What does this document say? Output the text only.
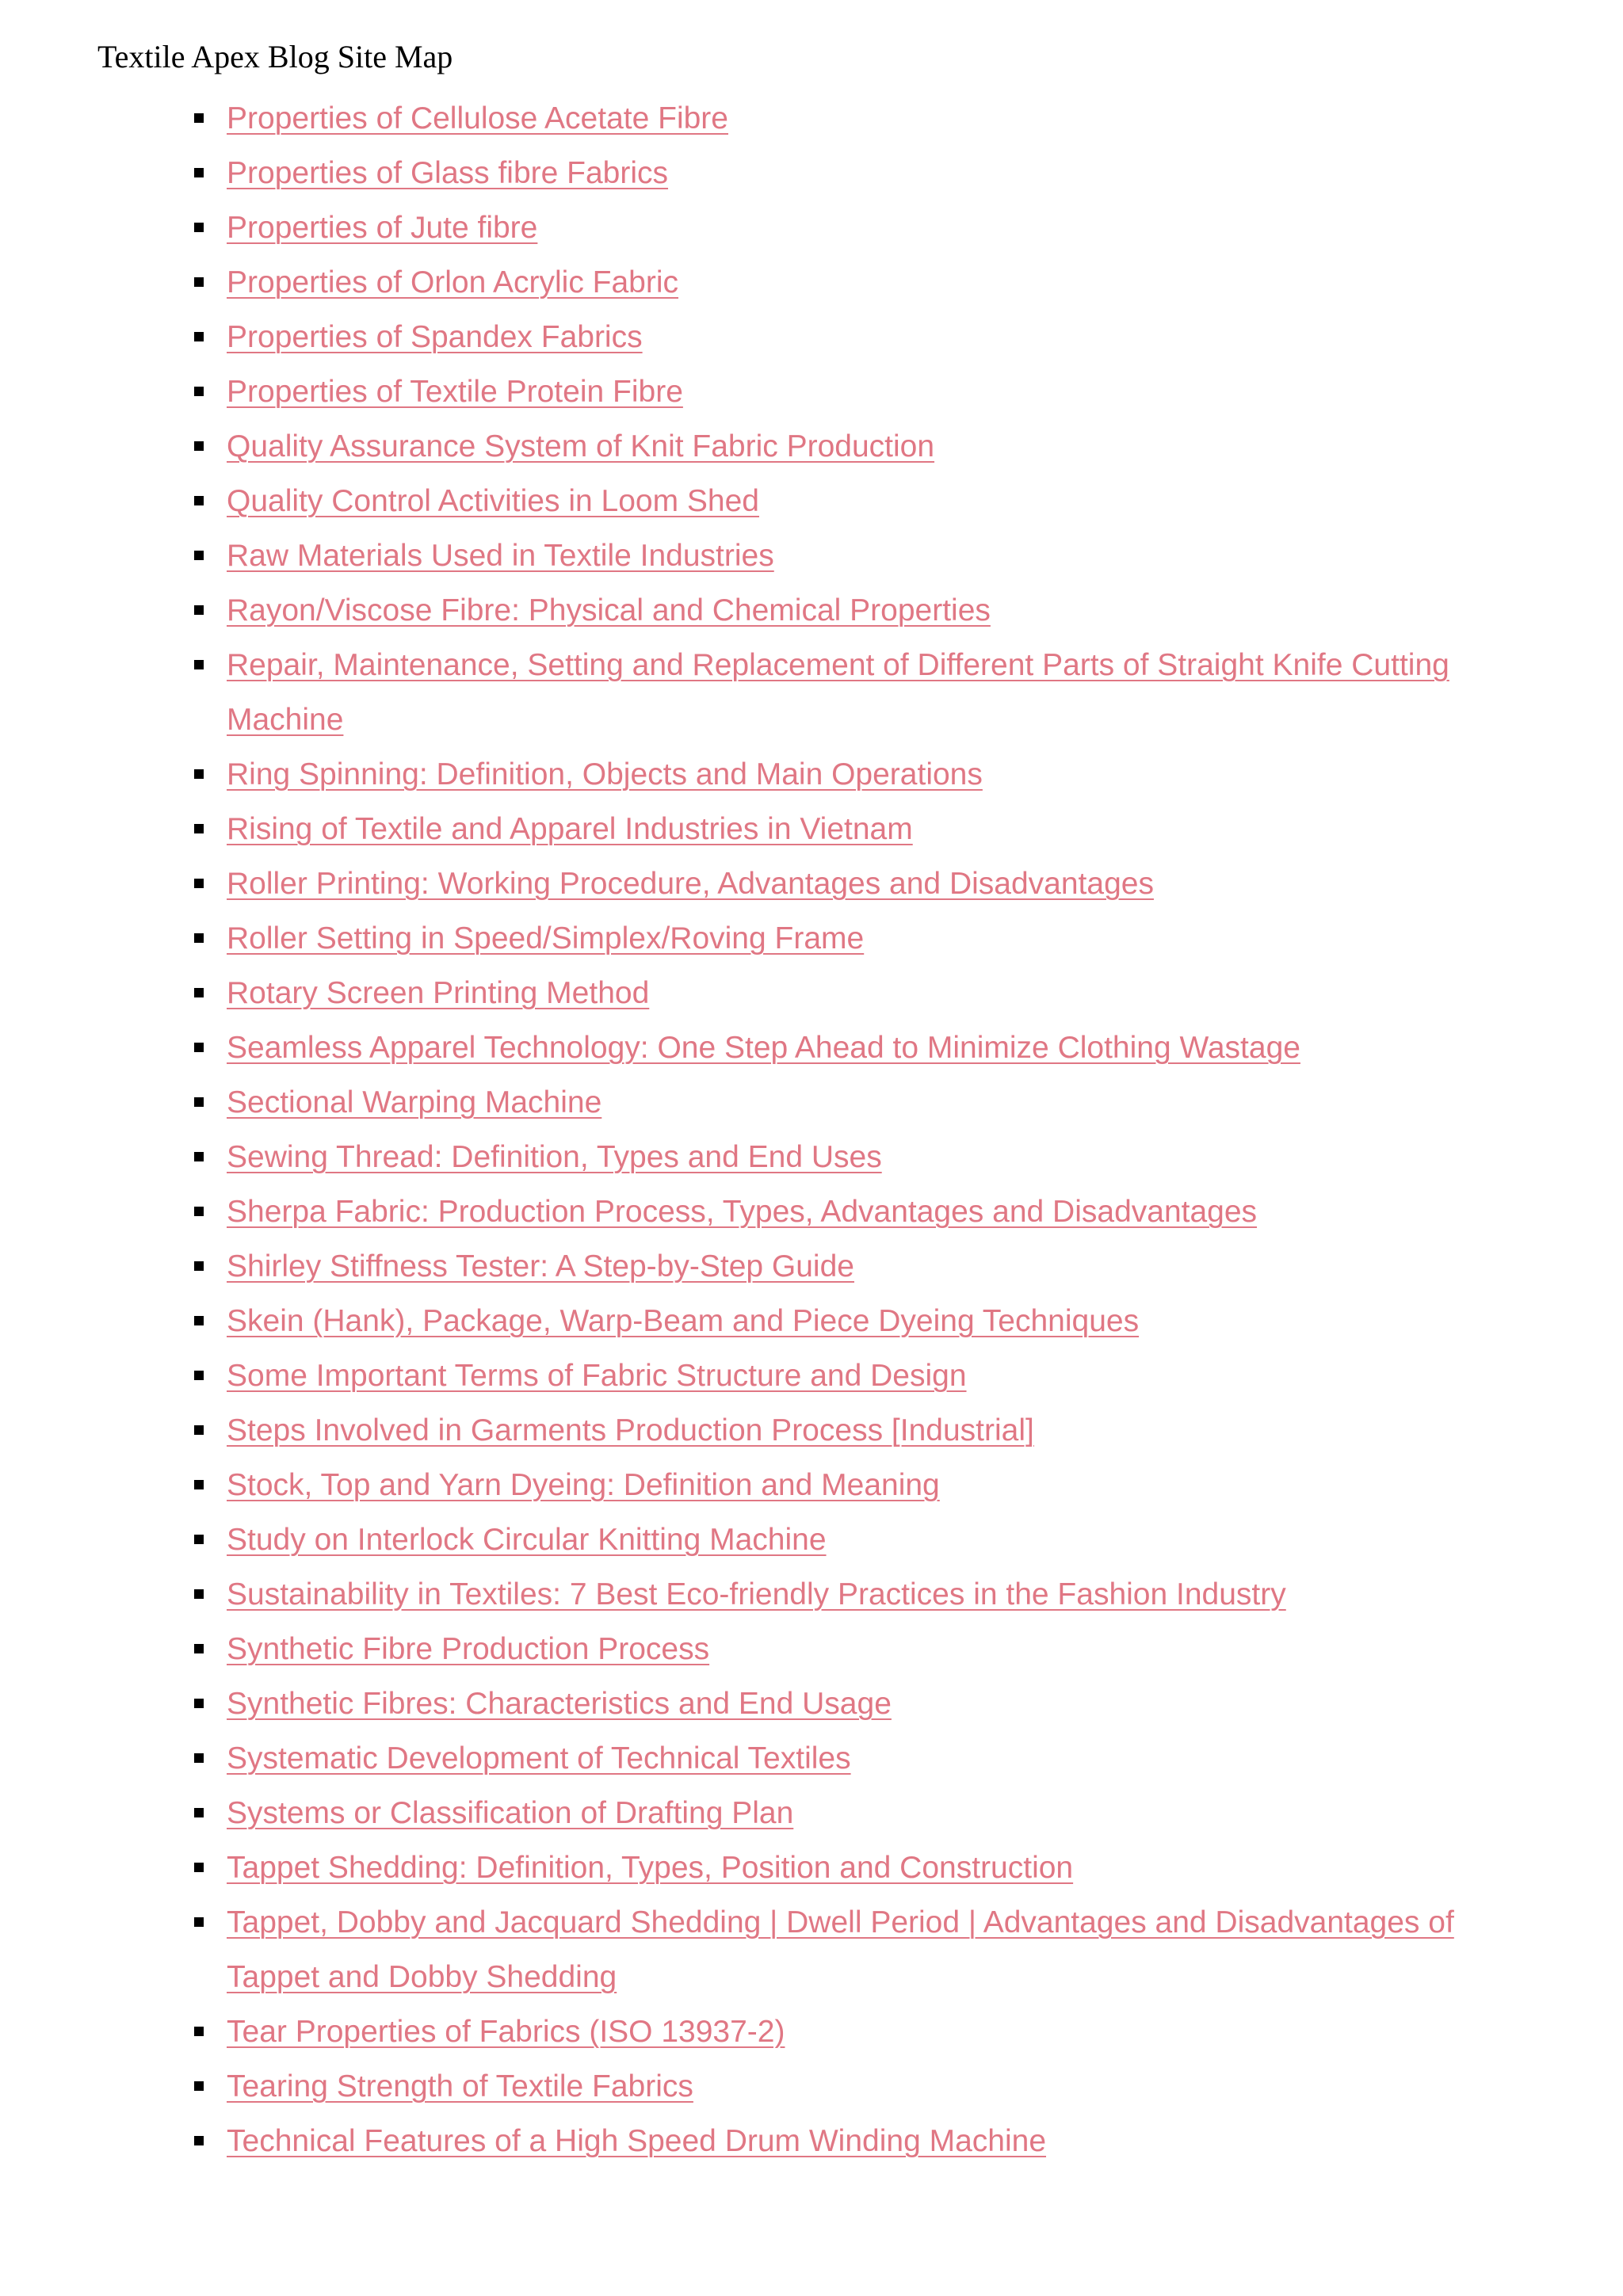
Textile Apex Blog Site Map
Properties of Cellulose Acetate Fibre
Properties of Glass fibre Fabrics
Properties of Jute fibre
Properties of Orlon Acrylic Fabric
Properties of Spandex Fabrics
Properties of Textile Protein Fibre
Quality Assurance System of Knit Fabric Production
Quality Control Activities in Loom Shed
Raw Materials Used in Textile Industries
Rayon/Viscose Fibre: Physical and Chemical Properties
Repair, Maintenance, Setting and Replacement of Different Parts of Straight Knife Cutting Machine
Ring Spinning: Definition, Objects and Main Operations
Rising of Textile and Apparel Industries in Vietnam
Roller Printing: Working Procedure, Advantages and Disadvantages
Roller Setting in Speed/Simplex/Roving Frame
Rotary Screen Printing Method
Seamless Apparel Technology: One Step Ahead to Minimize Clothing Wastage
Sectional Warping Machine
Sewing Thread: Definition, Types and End Uses
Sherpa Fabric: Production Process, Types, Advantages and Disadvantages
Shirley Stiffness Tester: A Step-by-Step Guide
Skein (Hank), Package, Warp-Beam and Piece Dyeing Techniques
Some Important Terms of Fabric Structure and Design
Steps Involved in Garments Production Process [Industrial]
Stock, Top and Yarn Dyeing: Definition and Meaning
Study on Interlock Circular Knitting Machine
Sustainability in Textiles: 7 Best Eco-friendly Practices in the Fashion Industry
Synthetic Fibre Production Process
Synthetic Fibres: Characteristics and End Usage
Systematic Development of Technical Textiles
Systems or Classification of Drafting Plan
Tappet Shedding: Definition, Types, Position and Construction
Tappet, Dobby and Jacquard Shedding | Dwell Period | Advantages and Disadvantages of Tappet and Dobby Shedding
Tear Properties of Fabrics (ISO 13937-2)
Tearing Strength of Textile Fabrics
Technical Features of a High Speed Drum Winding Machine
